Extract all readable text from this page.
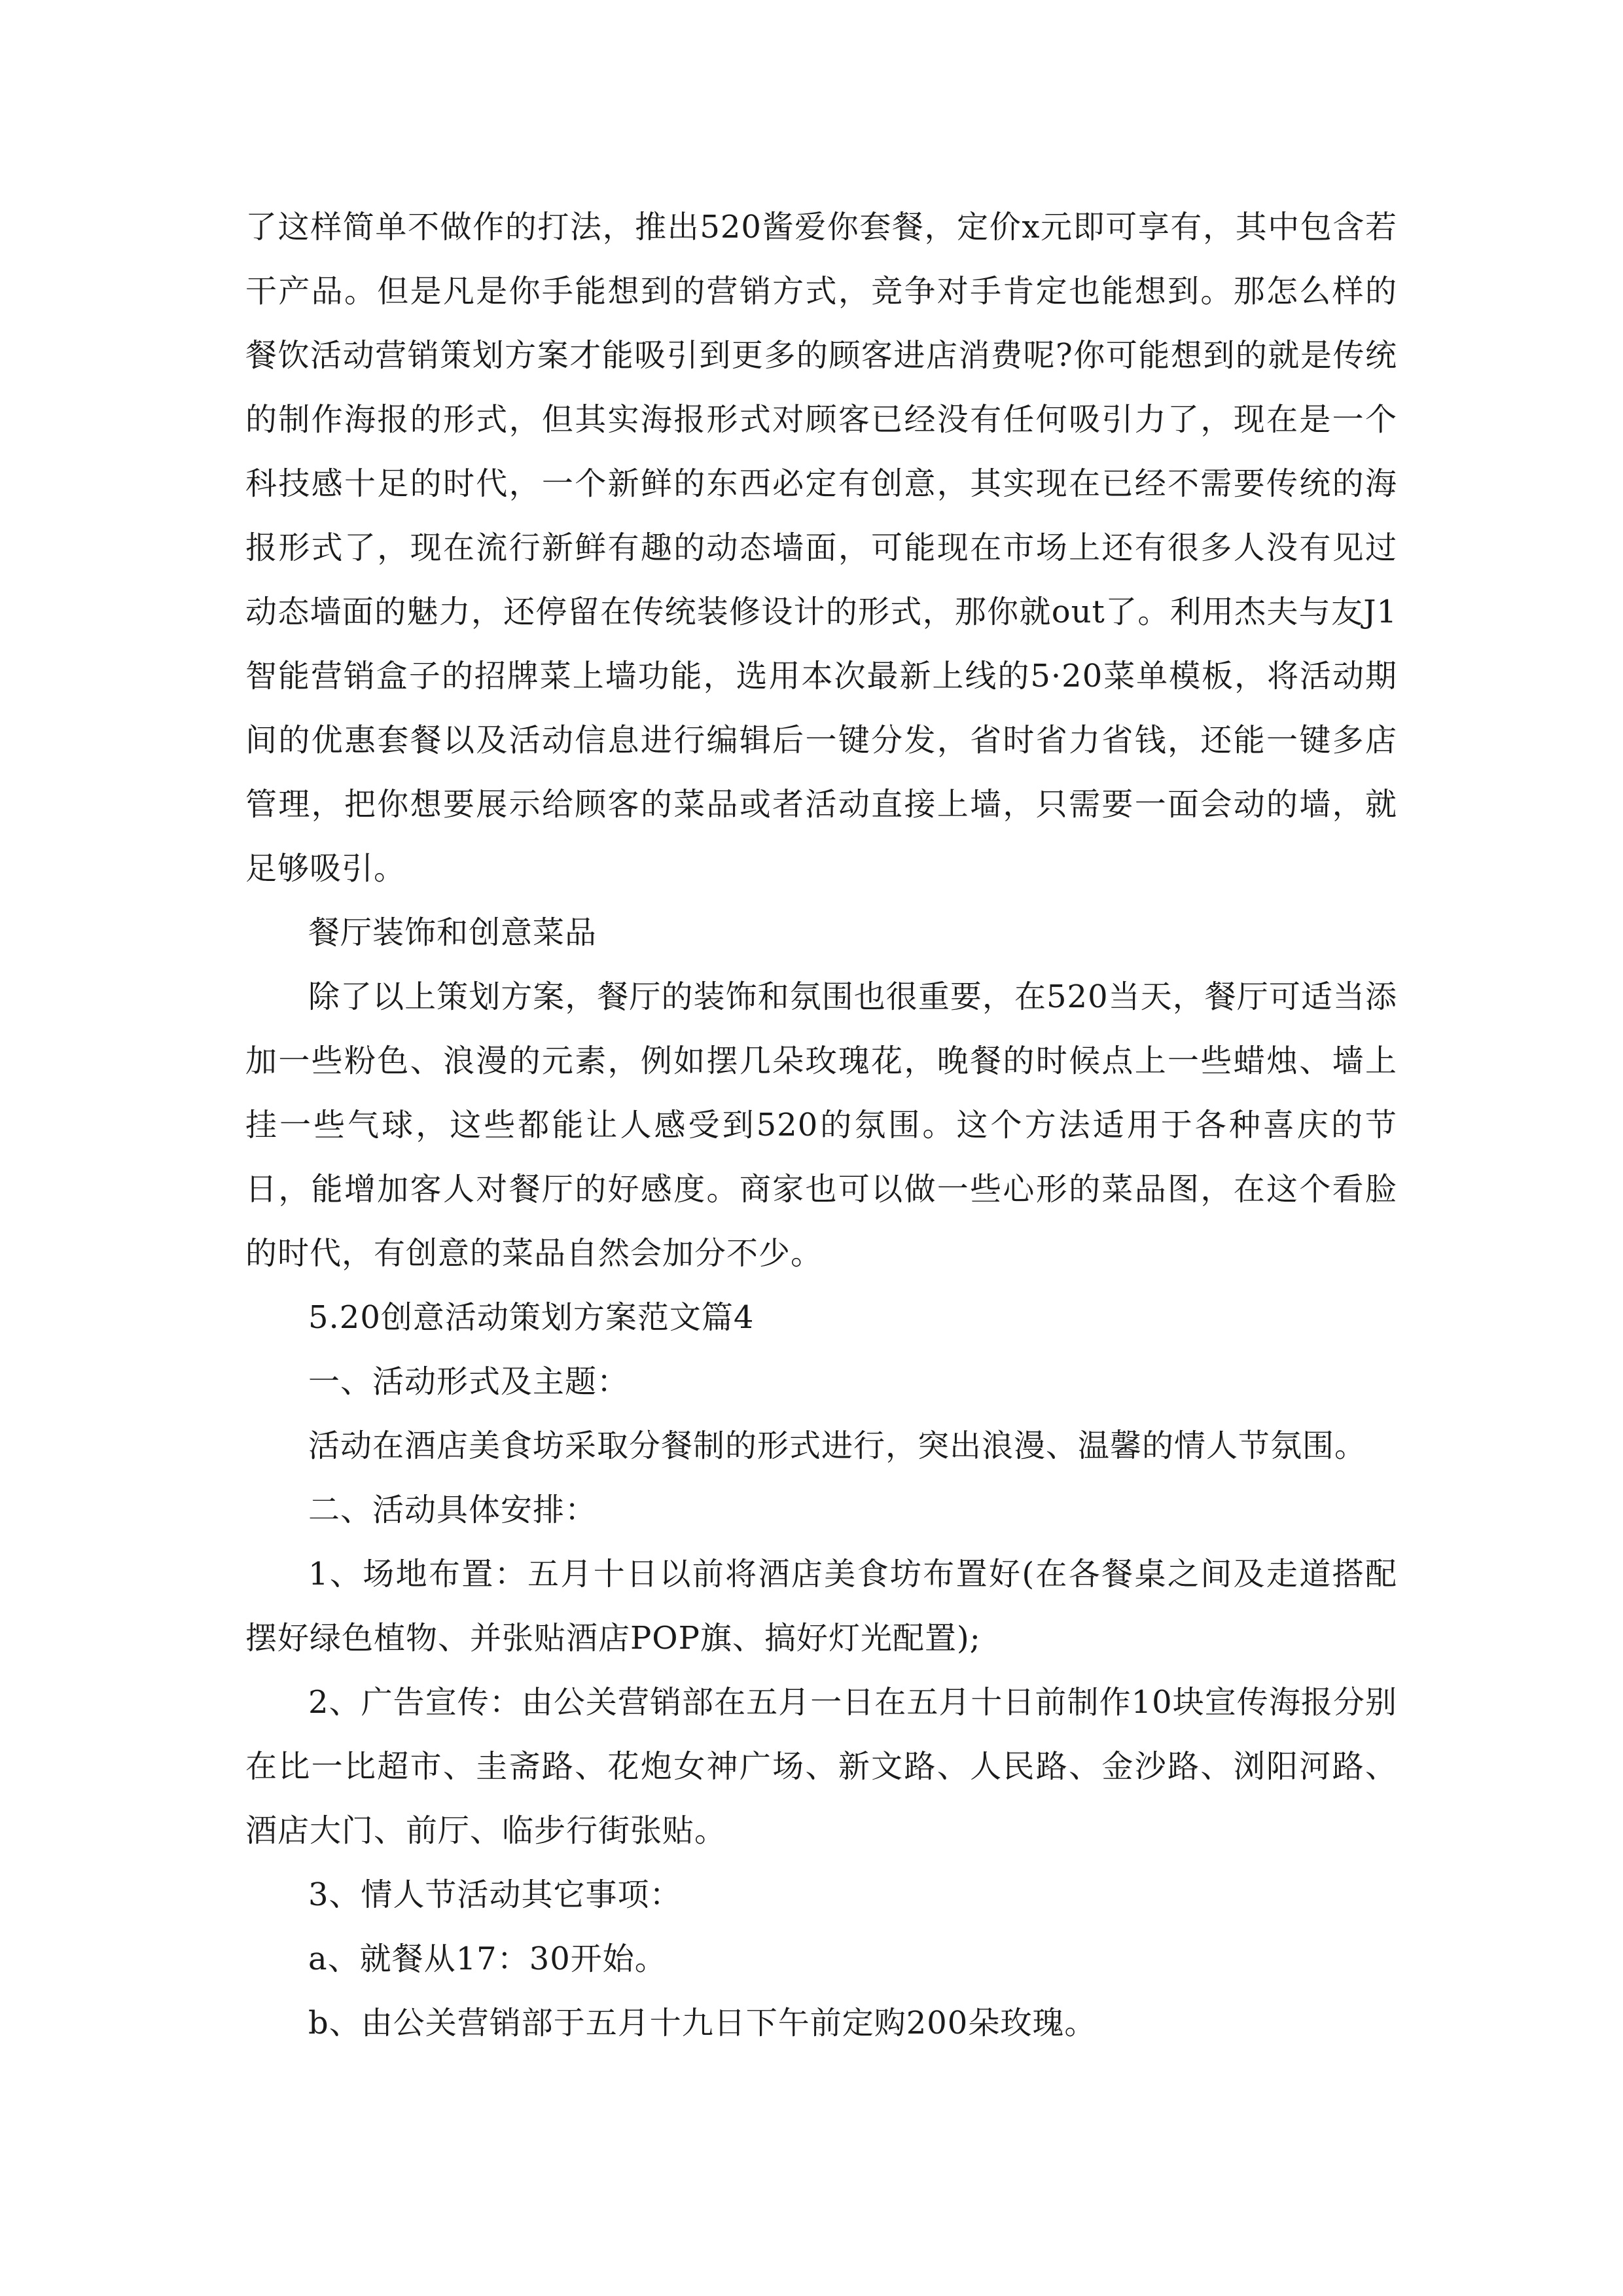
了这样简单不做作的打法，推出520酱爱你套餐，定价x元即可享有，其中包含若干产品。但是凡是你手能想到的营销方式，竞争对手肯定也能想到。那怎么样的餐饮活动营销策划方案才能吸引到更多的顾客进店消费呢?你可能想到的就是传统的制作海报的形式，但其实海报形式对顾客已经没有任何吸引力了，现在是一个科技感十足的时代，一个新鲜的东西必定有创意，其实现在已经不需要传统的海报形式了，现在流行新鲜有趣的动态墙面，可能现在市场上还有很多人没有见过动态墙面的魅力，还停留在传统装修设计的形式，那你就out了。利用杰夫与友J1智能营销盒子的招牌菜上墙功能，选用本次最新上线的5·20菜单模板，将活动期间的优惠套餐以及活动信息进行编辑后一键分发，省时省力省钱，还能一键多店管理，把你想要展示给顾客的菜品或者活动直接上墙，只需要一面会动的墙，就足够吸引。

餐厅装饰和创意菜品

除了以上策划方案，餐厅的装饰和氛围也很重要，在520当天，餐厅可适当添加一些粉色、浪漫的元素，例如摆几朵玫瑰花，晚餐的时候点上一些蜡烛、墙上挂一些气球，这些都能让人感受到520的氛围。这个方法适用于各种喜庆的节日，能增加客人对餐厅的好感度。商家也可以做一些心形的菜品图，在这个看脸的时代，有创意的菜品自然会加分不少。

5.20创意活动策划方案范文篇4

一、活动形式及主题：

活动在酒店美食坊采取分餐制的形式进行，突出浪漫、温馨的情人节氛围。

二、活动具体安排：

1、场地布置：五月十日以前将酒店美食坊布置好(在各餐桌之间及走道搭配摆好绿色植物、并张贴酒店POP旗、搞好灯光配置);

2、广告宣传：由公关营销部在五月一日在五月十日前制作10块宣传海报分别在比一比超市、圭斋路、花炮女神广场、新文路、人民路、金沙路、浏阳河路、酒店大门、前厅、临步行街张贴。

3、情人节活动其它事项：

a、就餐从17：30开始。

b、由公关营销部于五月十九日下午前定购200朵玫瑰。
